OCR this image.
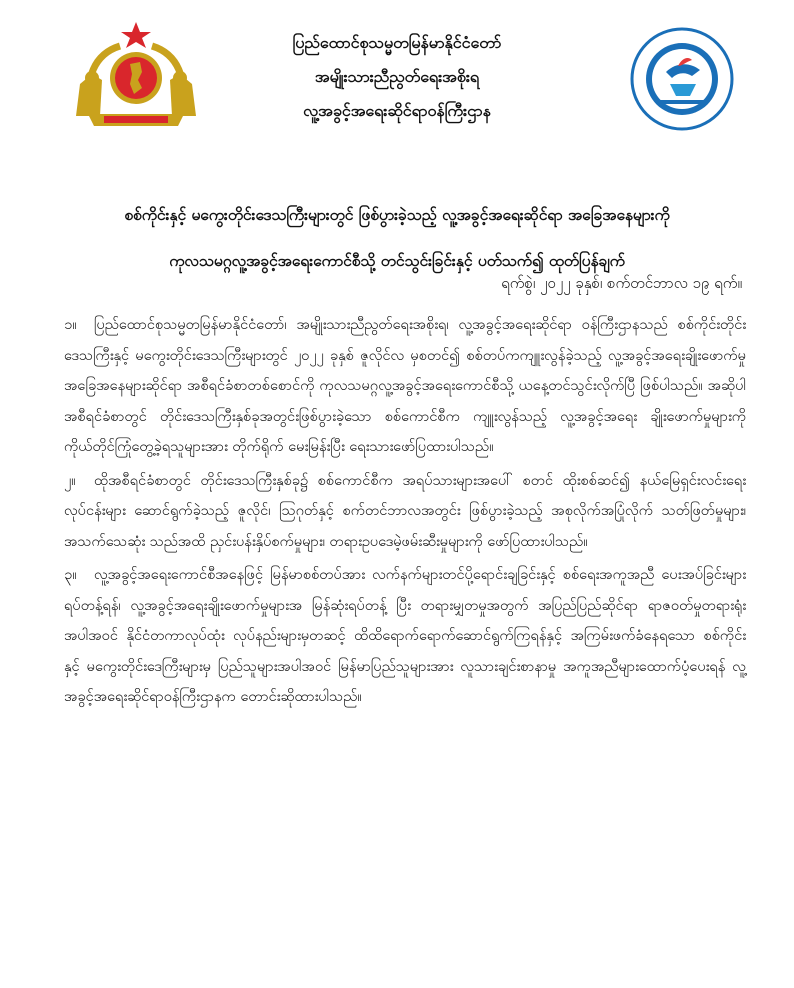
ပြည်ထောင်စုသမ္မတမြန်မာနိုင်ငံတော်
အမျိုးသားညီညွတ်ရေးအစိုးရ
လူ့အခွင့်အရေးဆိုင်ရာဝန်ကြီးဌာန
စစ်ကိုင်းနှင့် မကွေးတိုင်းဒေသကြီးများတွင် ဖြစ်ပွားခဲ့သည့် လူ့အခွင့်အရေးဆိုင်ရာ အခြေအနေများကို
ကုလသမဂ္ဂလူ့အခွင့်အရေးကောင်စီသို့ တင်သွင်းခြင်းနှင့် ပတ်သက်၍ ထုတ်ပြန်ချက်
ရက်စွဲ၊ ၂၀၂၂ ခုနှစ်၊ စက်တင်ဘာလ ၁၉ ရက်။

၁။ ပြည်ထောင်စုသမ္မတမြန်မာနိုင်ငံတော်၊ အမျိုးသားညီညွတ်ရေးအစိုးရ၊ လူ့အခွင့်အရေးဆိုင်ရာ ဝန်ကြီးဌာနသည် စစ်ကိုင်းတိုင်းဒေသကြီးနှင့် မကွေးတိုင်းဒေသကြီးများတွင် ၂၀၂၂ ခုနှစ် ဇူလိုင်လ မှစတင်၍ စစ်တပ်ကကျူးလွန်ခဲ့သည့် လူ့အခွင့်အရေးချိုးဖောက်မှုအခြေအနေများဆိုင်ရာ အစီရင်ခံစာတစ်စောင်ကို ကုလသမဂ္ဂလူ့အခွင့်အရေးကောင်စီသို့ ယနေ့တင်သွင်းလိုက်ပြီ ဖြစ်ပါသည်။ အဆိုပါအစီရင်ခံစာတွင် တိုင်းဒေသကြီးနှစ်ခုအတွင်းဖြစ်ပွားခဲ့သော စစ်ကောင်စီက ကျူးလွန်သည့် လူ့အခွင့်အရေး ချိုးဖောက်မှုများကို ကိုယ်တိုင်ကြုံတွေ့ခဲ့ရသူများအား တိုက်ရိုက် မေးမြန်းပြီး ရေးသားဖော်ပြထားပါသည်။

၂။ ထိုအစီရင်ခံစာတွင် တိုင်းဒေသကြီးနှစ်ခု၌ စစ်ကောင်စီက အရပ်သားများအပေါ် စတင် ထိုးစစ်ဆင်၍ နယ်မြေရှင်းလင်းရေး လုပ်ငန်းများ ဆောင်ရွက်ခဲ့သည့် ဇူလိုင်၊ ဩဂုတ်နှင့် စက်တင်ဘာလအတွင်း ဖြစ်ပွားခဲ့သည့် အစုလိုက်အပြုံလိုက် သတ်ဖြတ်မှုများ၊ အသက်သေဆုံး သည်အထိ ညှင်းပန်းနှိပ်စက်မှုများ၊ တရားဥပဒေမဲ့ဖမ်းဆီးမှုများကို ဖော်ပြထားပါသည်။

၃။ လူ့အခွင့်အရေးကောင်စီအနေဖြင့် မြန်မာစစ်တပ်အား လက်နက်များတင်ပို့ရောင်းချခြင်းနှင့် စစ်ရေးအကူအညီ ပေးအပ်ခြင်းများ ရပ်တန့်ရန်၊ လူ့အခွင့်အရေးချိုးဖောက်မှုများအ မြန်ဆုံးရပ်တန့် ပြီး တရားမျှတမှုအတွက် အပြည်ပြည်ဆိုင်ရာ ရာဇဝတ်မှုတရားရုံးအပါအဝင် နိုင်ငံတကာလုပ်ထုံး လုပ်နည်းများမှတဆင့် ထိထိရောက်ရောက်ဆောင်ရွက်ကြရန်နှင့် အကြမ်းဖက်ခံနေရသော စစ်ကိုင်း နှင့် မကွေးတိုင်းဒေကြီးများမှ ပြည်သူများအပါအဝင် မြန်မာပြည်သူများအား လူသားချင်းစာနာမှု အကူအညီများထောက်ပံ့ပေးရန် လူ့အခွင့်အရေးဆိုင်ရာဝန်ကြီးဌာနက တောင်းဆိုထားပါသည်။
